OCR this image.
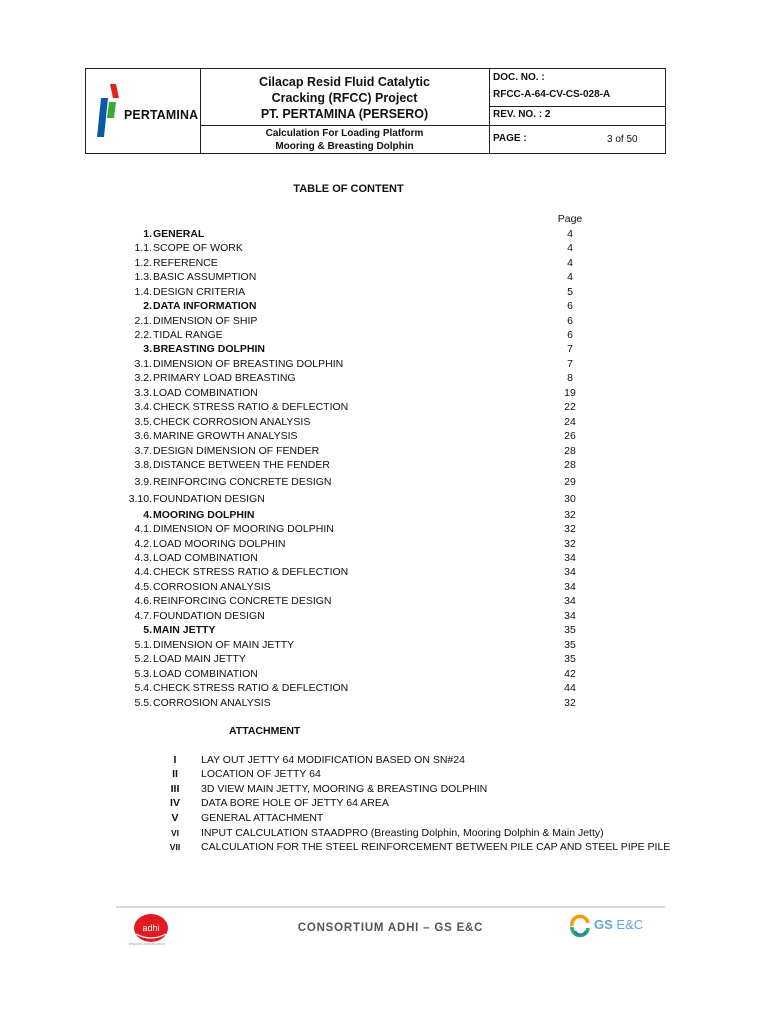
PERTAMINA
Cilacap Resid Fluid Catalytic
Cracking (RFCC) Project
PT. PERTAMINA (PERSERO)
Calculation For Loading Platform
Mooring & Breasting Dolphin
DOC. NO. :
RFCC-A-64-CV-CS-028-A
REV. NO. : 2
PAGE :	3 of 50
TABLE OF CONTENT
Page
1. GENERAL	4
1.1. SCOPE OF WORK	4
1.2. REFERENCE	4
1.3. BASIC ASSUMPTION	4
1.4. DESIGN CRITERIA	5
2. DATA INFORMATION	6
2.1. DIMENSION OF SHIP	6
2.2. TIDAL RANGE	6
3. BREASTING DOLPHIN	7
3.1. DIMENSION OF BREASTING DOLPHIN	7
3.2. PRIMARY LOAD BREASTING	8
3.3. LOAD COMBINATION	19
3.4. CHECK STRESS RATIO & DEFLECTION	22
3.5. CHECK CORROSION ANALYSIS	24
3.6. MARINE GROWTH ANALYSIS	26
3.7. DESIGN DIMENSION OF FENDER	28
3.8. DISTANCE BETWEEN THE FENDER	28
3.9. REINFORCING CONCRETE DESIGN	29
3.10. FOUNDATION DESIGN	30
4. MOORING DOLPHIN	32
4.1. DIMENSION OF MOORING DOLPHIN	32
4.2. LOAD MOORING DOLPHIN	32
4.3. LOAD COMBINATION	34
4.4. CHECK STRESS RATIO & DEFLECTION	34
4.5. CORROSION ANALYSIS	34
4.6. REINFORCING CONCRETE DESIGN	34
4.7. FOUNDATION DESIGN	34
5. MAIN JETTY	35
5.1. DIMENSION OF MAIN JETTY	35
5.2. LOAD MAIN JETTY	35
5.3. LOAD COMBINATION	42
5.4. CHECK STRESS RATIO & DEFLECTION	44
5.5. CORROSION ANALYSIS	32
ATTACHMENT
I	LAY OUT JETTY 64 MODIFICATION BASED ON SN#24
II	LOCATION OF JETTY 64
III	3D VIEW MAIN JETTY, MOORING & BREASTING DOLPHIN
IV	DATA BORE HOLE OF JETTY 64 AREA
V	GENERAL ATTACHMENT
VI	INPUT CALCULATION STAADPRO (Breasting Dolphin, Mooring Dolphin & Main Jetty)
VII	CALCULATION FOR THE STEEL REINFORCEMENT BETWEEN PILE CAP AND STEEL PIPE PILE
adhi
beyond construction
CONSORTIUM ADHI – GS E&C	GS E&C
